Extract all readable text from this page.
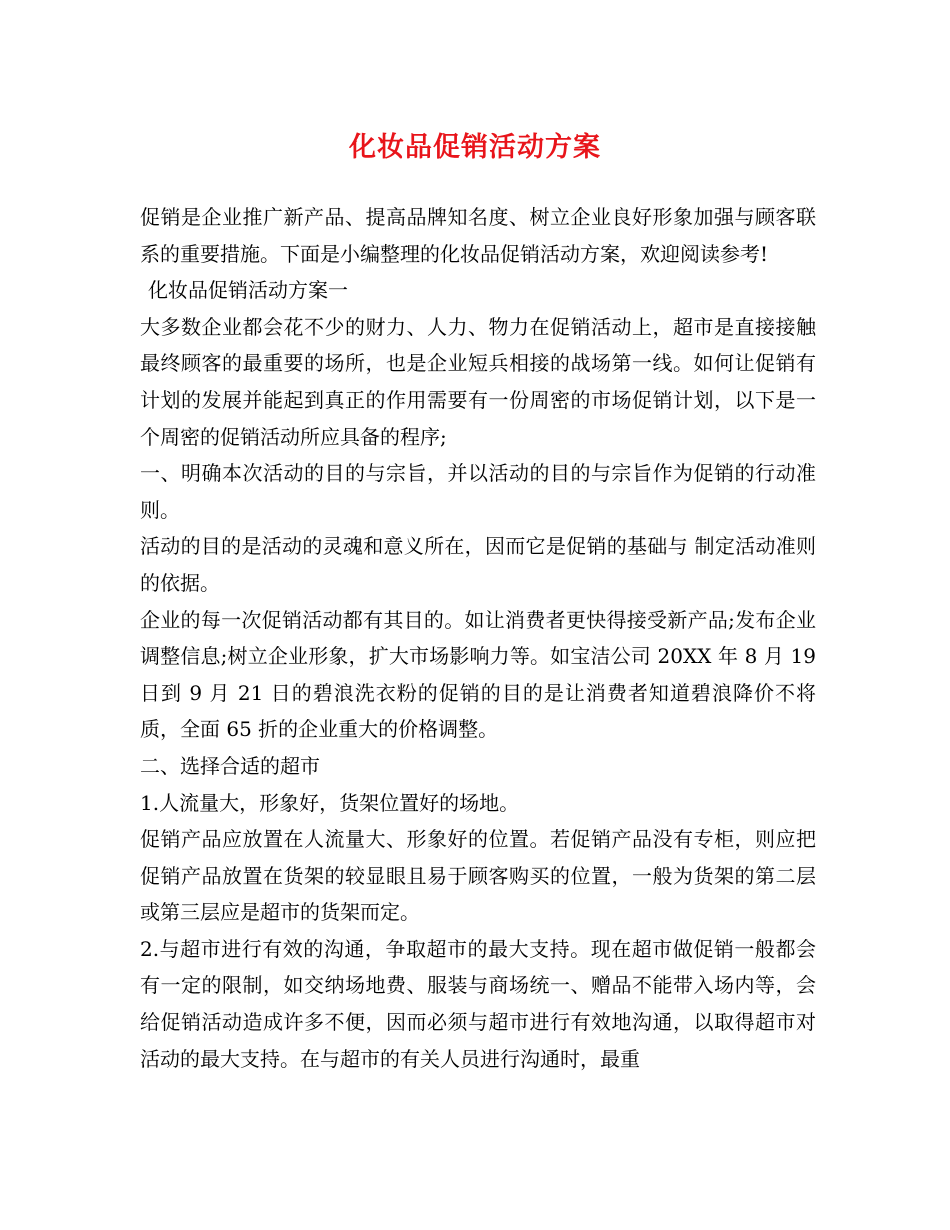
化妆品促销活动方案

促销是企业推广新产品、提高品牌知名度、树立企业良好形象加强与顾客联系的重要措施。下面是小编整理的化妆品促销活动方案，欢迎阅读参考!

化妆品促销活动方案一

大多数企业都会花不少的财力、人力、物力在促销活动上，超市是直接接触最终顾客的最重要的场所，也是企业短兵相接的战场第一线。如何让促销有计划的发展并能起到真正的作用需要有一份周密的市场促销计划，以下是一个周密的促销活动所应具备的程序;

一、明确本次活动的目的与宗旨，并以活动的目的与宗旨作为促销的行动准则。

活动的目的是活动的灵魂和意义所在，因而它是促销的基础与 制定活动准则的依据。

企业的每一次促销活动都有其目的。如让消费者更快得接受新产品;发布企业调整信息;树立企业形象，扩大市场影响力等。如宝洁公司 20XX 年 8 月 19 日到 9 月 21 日的碧浪洗衣粉的促销的目的是让消费者知道碧浪降价不将质，全面 65 折的企业重大的价格调整。

二、选择合适的超市

1.人流量大，形象好，货架位置好的场地。

促销产品应放置在人流量大、形象好的位置。若促销产品没有专柜，则应把促销产品放置在货架的较显眼且易于顾客购买的位置，一般为货架的第二层或第三层应是超市的货架而定。

2.与超市进行有效的沟通，争取超市的最大支持。现在超市做促销一般都会有一定的限制，如交纳场地费、服装与商场统一、赠品不能带入场内等，会给促销活动造成许多不便，因而必须与超市进行有效地沟通，以取得超市对活动的最大支持。在与超市的有关人员进行沟通时，最重
